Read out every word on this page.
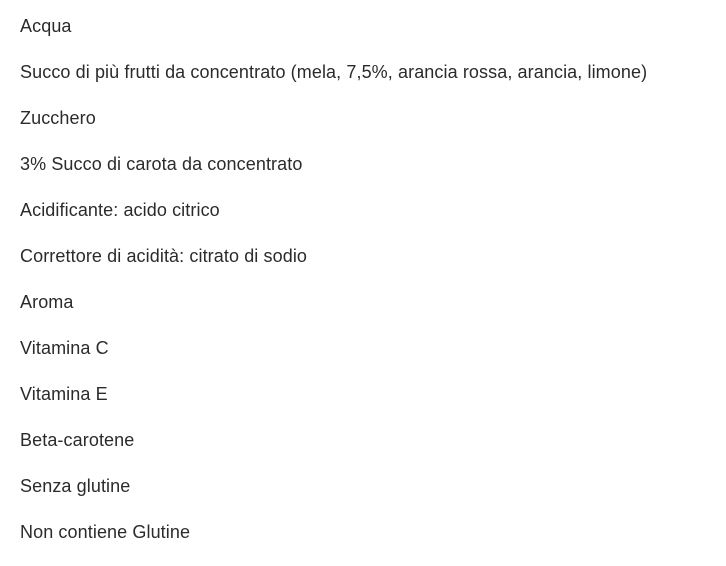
Acqua
Succo di più frutti da concentrato (mela, 7,5%, arancia rossa, arancia, limone)
Zucchero
3% Succo di carota da concentrato
Acidificante: acido citrico
Correttore di acidità: citrato di sodio
Aroma
Vitamina C
Vitamina E
Beta-carotene
Senza glutine
Non contiene Glutine
